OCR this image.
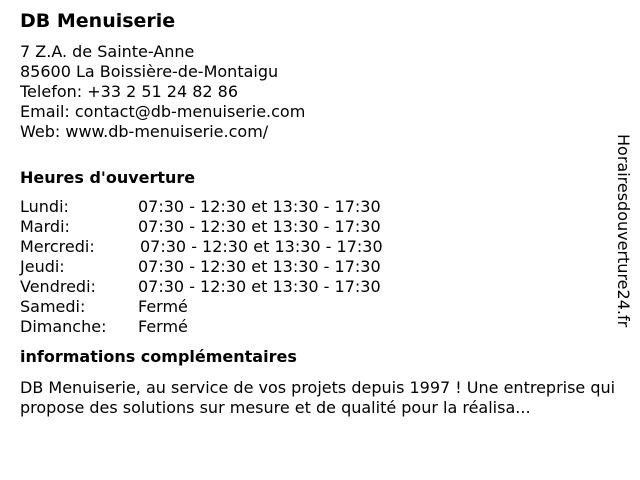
DB Menuiserie
7 Z.A. de Sainte-Anne
85600 La Boissière-de-Montaigu
Telefon: +33 2 51 24 82 86
Email: contact@db-menuiserie.com
Web: www.db-menuiserie.com/
Heures d'ouverture
Lundi:	07:30 - 12:30 et 13:30 - 17:30
Mardi:	07:30 - 12:30 et 13:30 - 17:30
Mercredi:	07:30 - 12:30 et 13:30 - 17:30
Jeudi:	07:30 - 12:30 et 13:30 - 17:30
Vendredi:	07:30 - 12:30 et 13:30 - 17:30
Samedi:	Fermé
Dimanche:	Fermé
informations complémentaires

DB Menuiserie, au service de vos projets depuis 1997 ! Une entreprise qui propose des solutions sur mesure et de qualité pour la réalisa...

Horairesdouverture24.fr
